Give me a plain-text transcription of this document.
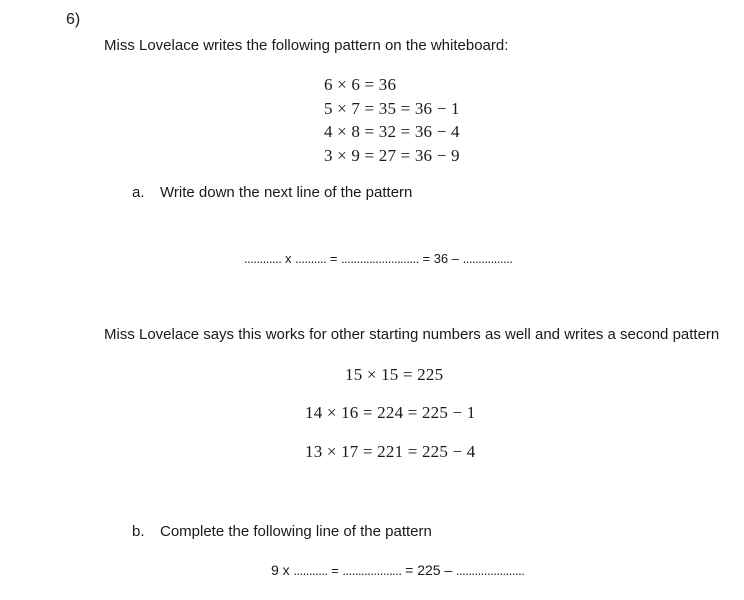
6)
Miss Lovelace writes the following pattern on the whiteboard:
6 × 6 = 36
5 × 7 = 35 = 36 − 1
4 × 8 = 32 = 36 − 4
3 × 9 = 27 = 36 − 9
a. Write down the next line of the pattern
............ x .......... = ......................... = 36 – ................
Miss Lovelace says this works for other starting numbers as well and writes a second pattern
15 × 15 = 225
14 × 16 = 224 = 225 − 1
13 × 17 = 221 = 225 − 4
b. Complete the following line of the pattern
9 x ........... = ................... = 225 – ......................
